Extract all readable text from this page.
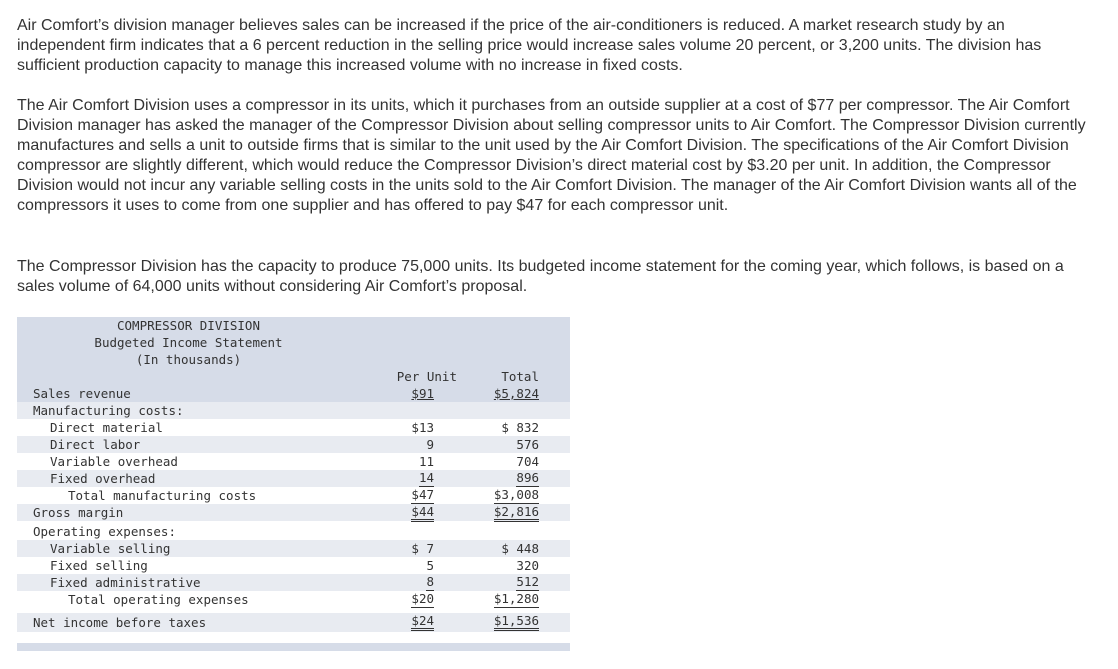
Air Comfort’s division manager believes sales can be increased if the price of the air-conditioners is reduced. A market research study by an independent firm indicates that a 6 percent reduction in the selling price would increase sales volume 20 percent, or 3,200 units. The division has sufficient production capacity to manage this increased volume with no increase in fixed costs.

The Air Comfort Division uses a compressor in its units, which it purchases from an outside supplier at a cost of $77 per compressor. The Air Comfort Division manager has asked the manager of the Compressor Division about selling compressor units to Air Comfort. The Compressor Division currently manufactures and sells a unit to outside firms that is similar to the unit used by the Air Comfort Division. The specifications of the Air Comfort Division compressor are slightly different, which would reduce the Compressor Division’s direct material cost by $3.20 per unit. In addition, the Compressor Division would not incur any variable selling costs in the units sold to the Air Comfort Division. The manager of the Air Comfort Division wants all of the compressors it uses to come from one supplier and has offered to pay $47 for each compressor unit.

The Compressor Division has the capacity to produce 75,000 units. Its budgeted income statement for the coming year, which follows, is based on a sales volume of 64,000 units without considering Air Comfort’s proposal.

COMPRESSOR DIVISION
Budgeted Income Statement
(In thousands)
Per Unit	Total
Sales revenue	$91	$5,824
Manufacturing costs:
Direct material	$13	$ 832
Direct labor	9	576
Variable overhead	11	704
Fixed overhead	14	896
Total manufacturing costs	$47	$3,008
Gross margin	$44	$2,816
Operating expenses:
Variable selling	$ 7	$ 448
Fixed selling	5	320
Fixed administrative	8	512
Total operating expenses	$20	$1,280
Net income before taxes	$24	$1,536
